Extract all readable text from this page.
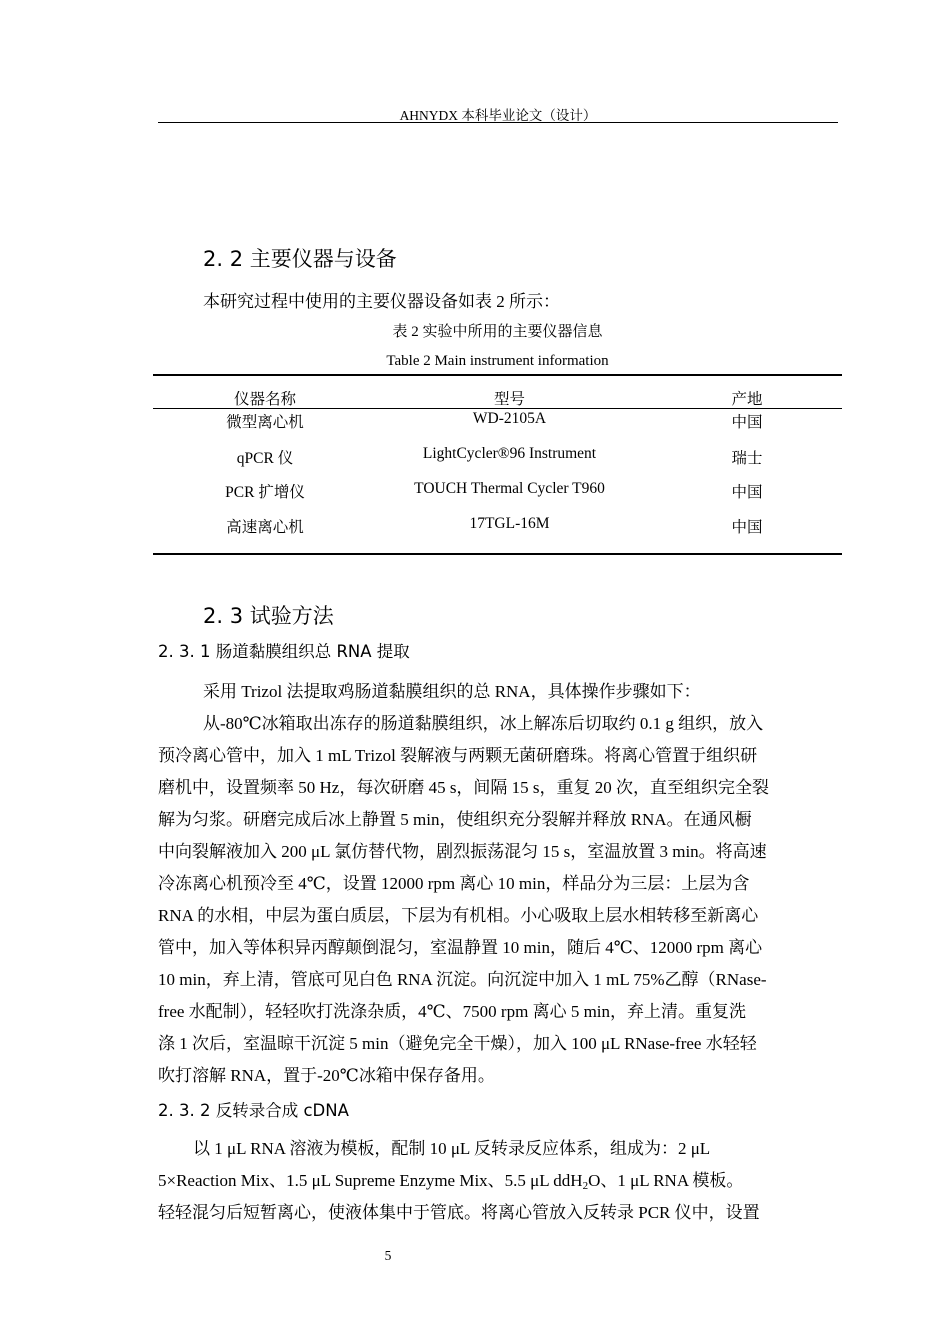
AHNYDX 本科毕业论文（设计）
2. 2 主要仪器与设备
本研究过程中使用的主要仪器设备如表 2 所示：
表 2 实验中所用的主要仪器信息
Table 2 Main instrument information
仪器名称	型号	产地
微型离心机	WD-2105A	中国
qPCR 仪	LightCycler®96 Instrument	瑞士
PCR 扩增仪	TOUCH Thermal Cycler T960	中国
高速离心机	17TGL-16M	中国
2. 3 试验方法
2. 3. 1 肠道黏膜组织总 RNA 提取
采用 Trizol 法提取鸡肠道黏膜组织的总 RNA，具体操作步骤如下：
从-80℃冰箱取出冻存的肠道黏膜组织，冰上解冻后切取约 0.1 g 组织，放入
预冷离心管中，加入 1 mL Trizol 裂解液与两颗无菌研磨珠。将离心管置于组织研
磨机中，设置频率 50 Hz，每次研磨 45 s，间隔 15 s，重复 20 次，直至组织完全裂
解为匀浆。研磨完成后冰上静置 5 min，使组织充分裂解并释放 RNA。在通风橱
中向裂解液加入 200 μL 氯仿替代物，剧烈振荡混匀 15 s，室温放置 3 min。将高速
冷冻离心机预冷至 4℃，设置 12000 rpm 离心 10 min，样品分为三层：上层为含
RNA 的水相，中层为蛋白质层，下层为有机相。小心吸取上层水相转移至新离心
管中，加入等体积异丙醇颠倒混匀，室温静置 10 min，随后 4℃、12000 rpm 离心
10 min，弃上清，管底可见白色 RNA 沉淀。向沉淀中加入 1 mL 75%乙醇（RNase-
free 水配制），轻轻吹打洗涤杂质，4℃、7500 rpm 离心 5 min，弃上清。重复洗
涤 1 次后，室温晾干沉淀 5 min（避免完全干燥），加入 100 μL RNase-free 水轻轻
吹打溶解 RNA，置于-20℃冰箱中保存备用。
2. 3. 2 反转录合成 cDNA
以 1 μL RNA 溶液为模板，配制 10 μL 反转录反应体系，组成为：2 μL
5×Reaction Mix、1.5 μL Supreme Enzyme Mix、5.5 μL ddH$_2$O、1 μL RNA 模板。
轻轻混匀后短暂离心，使液体集中于管底。将离心管放入反转录 PCR 仪中，设置
5
